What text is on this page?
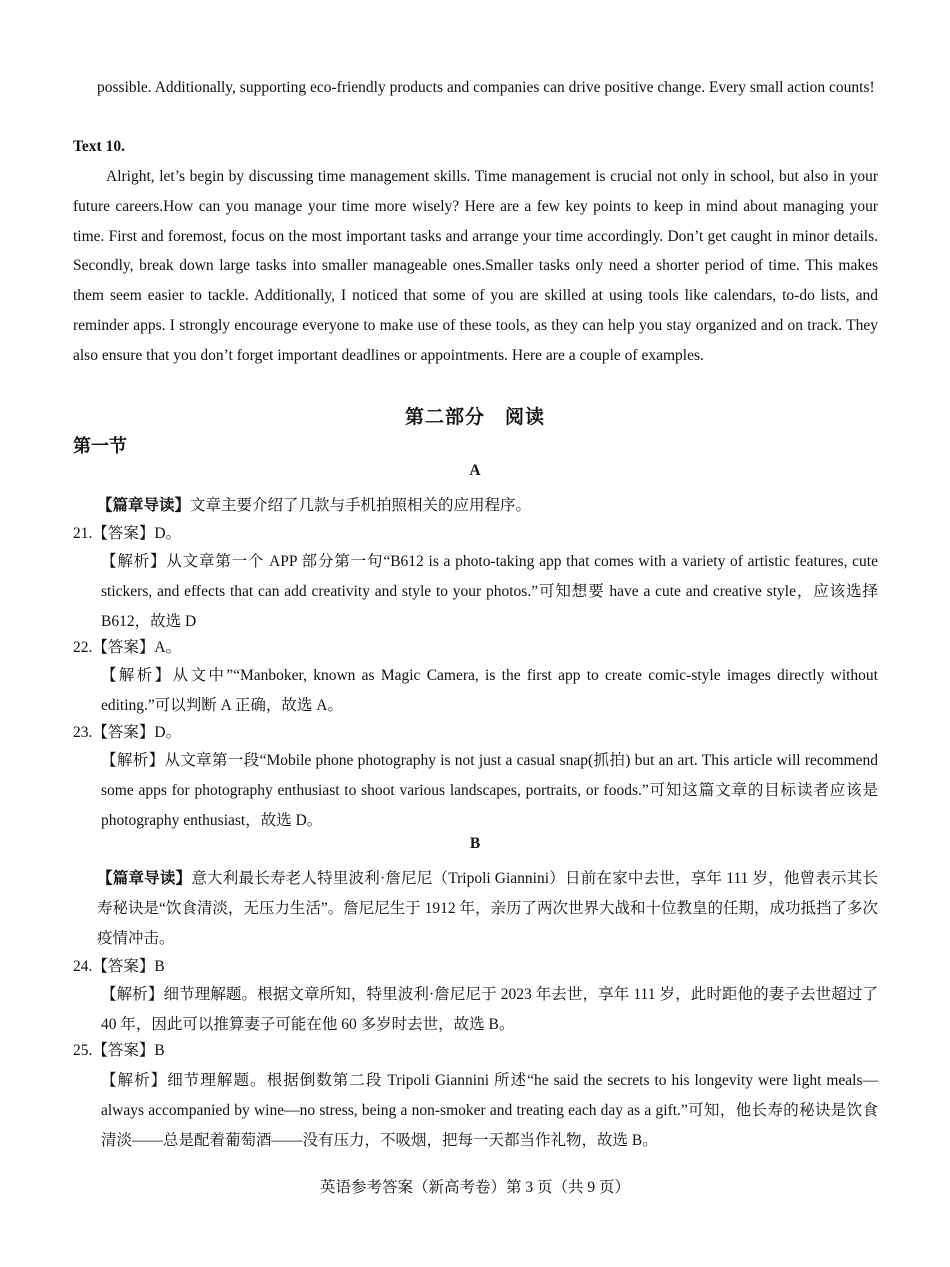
possible. Additionally, supporting eco-friendly products and companies can drive positive change. Every small action counts!

Text 10.

Alright, let’s begin by discussing time management skills. Time management is crucial not only in school, but also in your future careers.How can you manage your time more wisely? Here are a few key points to keep in mind about managing your time. First and foremost, focus on the most important tasks and arrange your time accordingly. Don’t get caught in minor details. Secondly, break down large tasks into smaller manageable ones.Smaller tasks only need a shorter period of time. This makes them seem easier to tackle. Additionally, I noticed that some of you are skilled at using tools like calendars, to-do lists, and reminder apps. I strongly encourage everyone to make use of these tools, as they can help you stay organized and on track. They also ensure that you don’t forget important deadlines or appointments. Here are a couple of examples.

第二部分　阅读

第一节

A

【篇章导读】文章主要介绍了几款与手机拍照相关的应用程序。

21.【答案】D。

【解析】从文章第一个 APP 部分第一句“B612 is a photo-taking app that comes with a variety of artistic features, cute stickers, and effects that can add creativity and style to your photos.”可知想要 have a cute and creative style，应该选择 B612，故选 D

22.【答案】A。

【解析】从文中”“Manboker, known as Magic Camera, is the first app to create comic-style images directly without editing.”可以判断 A 正确，故选 A。

23.【答案】D。

【解析】从文章第一段“Mobile phone photography is not just a casual snap(抓拍) but an art. This article will recommend some apps for photography enthusiast to shoot various landscapes, portraits, or foods.”可知这篇文章的目标读者应该是 photography enthusiast，故选 D。

B

【篇章导读】意大利最长寿老人特里波利·詹尼尼（Tripoli Giannini）日前在家中去世，享年 111 岁，他曾表示其长寿秘诀是“饮食清淡，无压力生活”。詹尼尼生于 1912 年，亲历了两次世界大战和十位教皇的任期，成功抵挡了多次疫情冲击。

24.【答案】B

【解析】细节理解题。根据文章所知，特里波利·詹尼尼于 2023 年去世，享年 111 岁，此时距他的妻子去世超过了 40 年，因此可以推算妻子可能在他 60 多岁时去世，故选 B。

25.【答案】B

【解析】细节理解题。根据倒数第二段 Tripoli Giannini 所述“he said the secrets to his longevity were light meals—always accompanied by wine—no stress, being a non-smoker and treating each day as a gift.”可知，他长寿的秘诀是饮食清淡——总是配着葡萄酒——没有压力，不吸烟，把每一天都当作礼物，故选 B。

英语参考答案（新高考卷）第 3 页（共 9 页）
